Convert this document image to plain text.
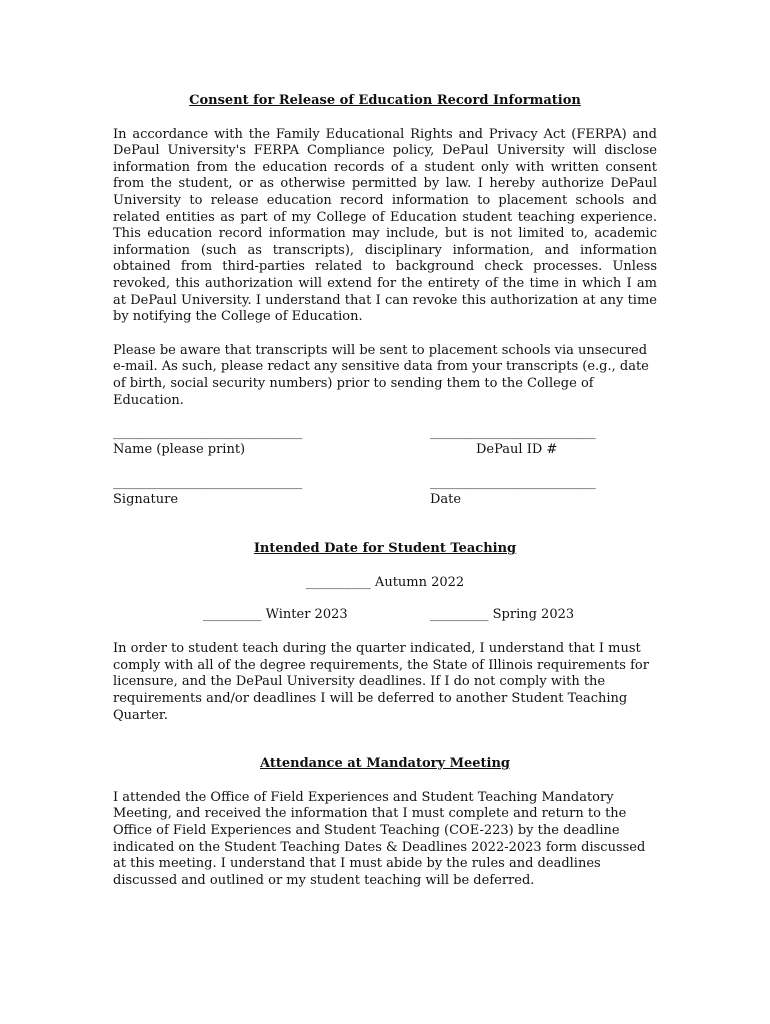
Consent for Release of Education Record Information

In accordance with the Family Educational Rights and Privacy Act (FERPA) and DePaul University's FERPA Compliance policy, DePaul University will disclose information from the education records of a student only with written consent from the student, or as otherwise permitted by law. I hereby authorize DePaul University to release education record information to placement schools and related entities as part of my College of Education student teaching experience. This education record information may include, but is not limited to, academic information (such as transcripts), disciplinary information, and information obtained from third-parties related to background check processes. Unless revoked, this authorization will extend for the entirety of the time in which I am at DePaul University. I understand that I can revoke this authorization at any time by notifying the College of Education.

Please be aware that transcripts will be sent to placement schools via unsecured e-mail. As such, please redact any sensitive data from your transcripts (e.g., date of birth, social security numbers) prior to sending them to the College of Education.

________________________________
Name (please print)
____________________________
DePaul ID #
________________________________
Signature
____________________________
Date

Intended Date for Student Teaching

__________ Autumn 2022
_________ Winter 2023	_________ Spring 2023

In order to student teach during the quarter indicated, I understand that I must comply with all of the degree requirements, the State of Illinois requirements for licensure, and the DePaul University deadlines. If I do not comply with the requirements and/or deadlines I will be deferred to another Student Teaching Quarter.

Attendance at Mandatory Meeting

I attended the Office of Field Experiences and Student Teaching Mandatory Meeting, and received the information that I must complete and return to the Office of Field Experiences and Student Teaching (COE-223) by the deadline indicated on the Student Teaching Dates & Deadlines 2022-2023 form discussed at this meeting. I understand that I must abide by the rules and deadlines discussed and outlined or my student teaching will be deferred.
